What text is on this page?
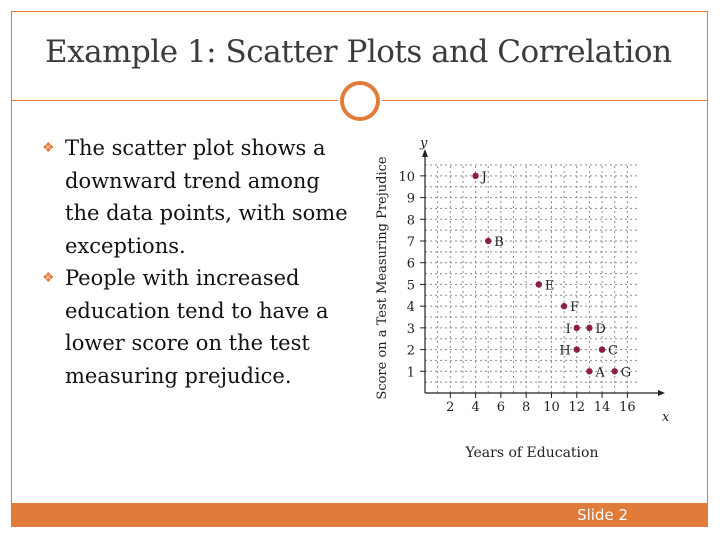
Example 1: Scatter Plots and Correlation
❖ The scatter plot shows a downward trend among the data points, with some exceptions.
❖ People with increased education tend to have a lower score on the test measuring prejudice.
2 4 6 8 10 12 14 16
1
2
3
4
5
6
7
8
9
10	J
B
E
F
I D
H	C
A G
Years of Education
Score on a Test Measuring Prejudice
x
y
Slide 2
